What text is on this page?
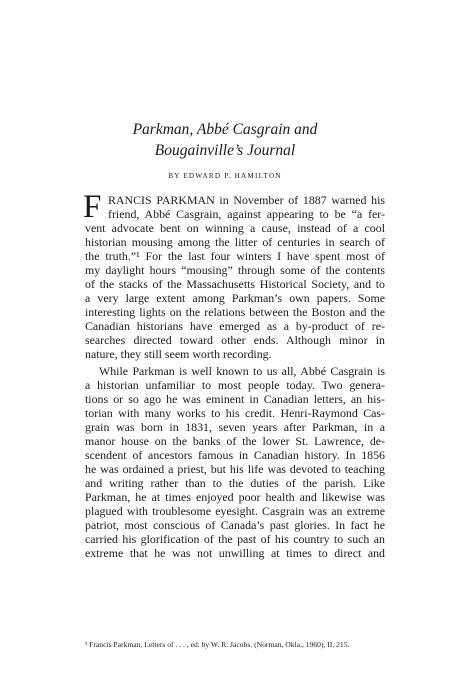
Parkman, Abbé Casgrain and
Bougainville’s Journal
BY EDWARD P. HAMILTON
F RANCIS PARKMAN in November of 1887 warned his
friend, Abbé Casgrain, against appearing to be “a fer-
vent advocate bent on winning a cause, instead of a cool
historian mousing among the litter of centuries in search of
the truth.”¹ For the last four winters I have spent most of
my daylight hours “mousing” through some of the contents
of the stacks of the Massachusetts Historical Society, and to
a very large extent among Parkman’s own papers. Some
interesting lights on the relations between the Boston and the
Canadian historians have emerged as a by-product of re-
searches directed toward other ends. Although minor in
nature, they still seem worth recording.
While Parkman is well known to us all, Abbé Casgrain is
a historian unfamiliar to most people today. Two genera-
tions or so ago he was eminent in Canadian letters, an his-
torian with many works to his credit. Henri-Raymond Cas-
grain was born in 1831, seven years after Parkman, in a
manor house on the banks of the lower St. Lawrence, de-
scendent of ancestors famous in Canadian history. In 1856
he was ordained a priest, but his life was devoted to teaching
and writing rather than to the duties of the parish. Like
Parkman, he at times enjoyed poor health and likewise was
plagued with troublesome eyesight. Casgrain was an extreme
patriot, most conscious of Canada’s past glories. In fact he
carried his glorification of the past of his country to such an
extreme that he was not unwilling at times to direct and
¹ Francis Parkman, Letters of . . . , ed. by W. R. Jacobs. (Norman, Okla., 1960), II, 215.
